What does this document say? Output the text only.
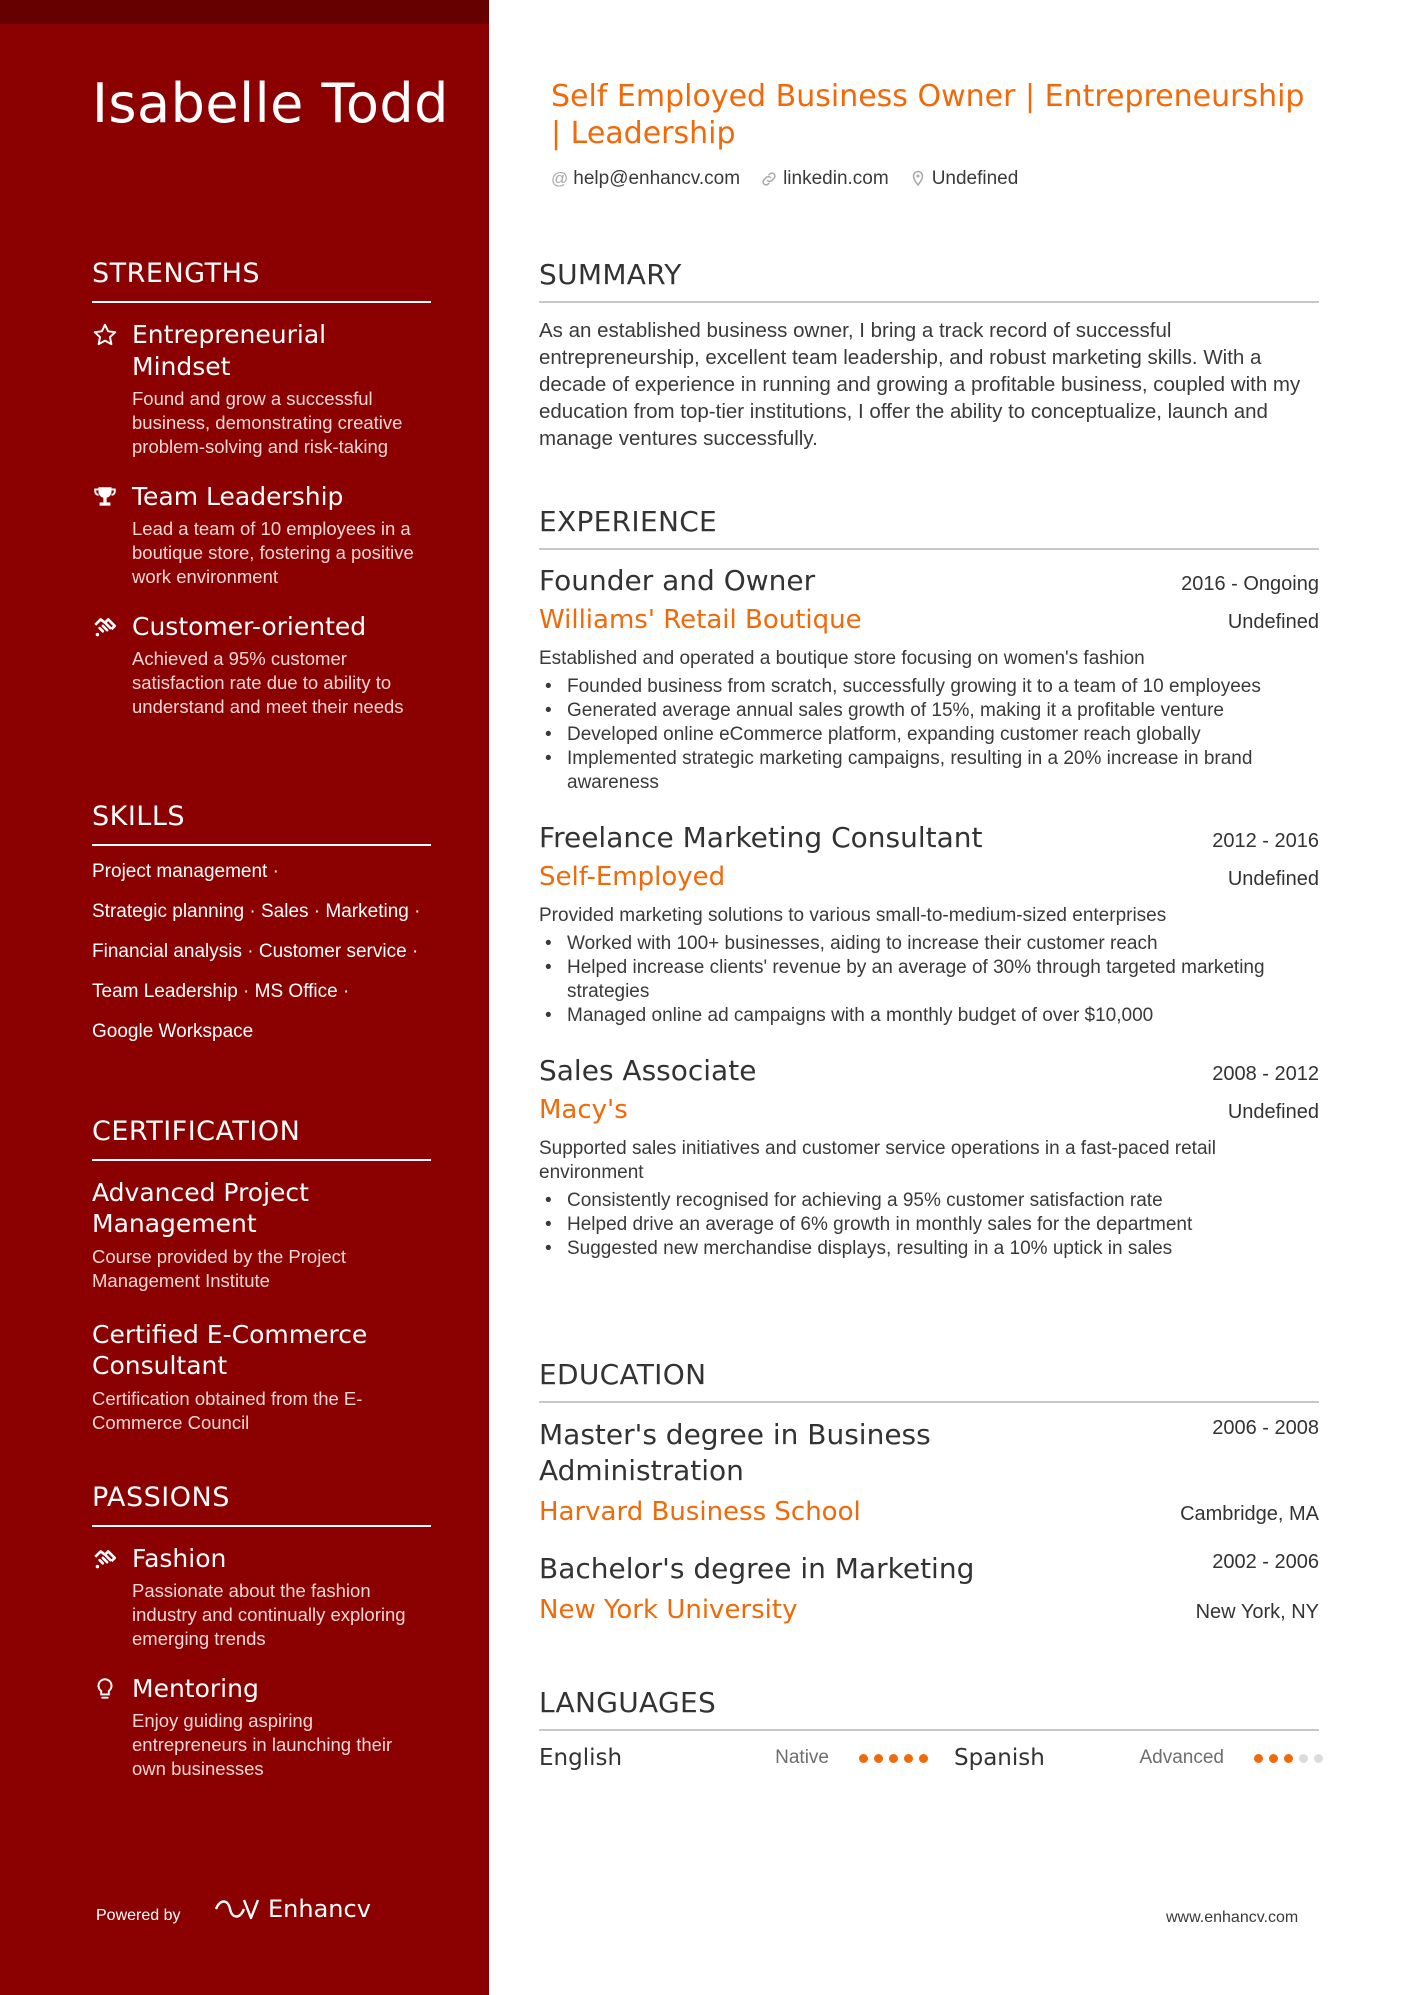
Isabelle Todd
STRENGTHS
Entrepreneurial Mindset
Found and grow a successful business, demonstrating creative problem-solving and risk-taking
Team Leadership
Lead a team of 10 employees in a boutique store, fostering a positive work environment
Customer-oriented
Achieved a 95% customer satisfaction rate due to ability to understand and meet their needs
SKILLS
Project management ·
Strategic planning · Sales · Marketing ·
Financial analysis · Customer service ·
Team Leadership · MS Office ·
Google Workspace
CERTIFICATION
Advanced Project Management
Course provided by the Project Management Institute
Certified E-Commerce Consultant
Certification obtained from the E-Commerce Council
PASSIONS
Fashion
Passionate about the fashion industry and continually exploring emerging trends
Mentoring
Enjoy guiding aspiring entrepreneurs in launching their own businesses
Powered by	Enhancv
Self Employed Business Owner | Entrepreneurship | Leadership
@ help@enhancv.com linkedin.com Undefined
SUMMARY
As an established business owner, I bring a track record of successful entrepreneurship, excellent team leadership, and robust marketing skills. With a decade of experience in running and growing a profitable business, coupled with my education from top-tier institutions, I offer the ability to conceptualize, launch and manage ventures successfully.
EXPERIENCE
Founder and Owner	2016 - Ongoing
Williams' Retail Boutique	Undefined
Established and operated a boutique store focusing on women's fashion
• Founded business from scratch, successfully growing it to a team of 10 employees
• Generated average annual sales growth of 15%, making it a profitable venture
• Developed online eCommerce platform, expanding customer reach globally
• Implemented strategic marketing campaigns, resulting in a 20% increase in brand awareness
Freelance Marketing Consultant	2012 - 2016
Self-Employed	Undefined
Provided marketing solutions to various small-to-medium-sized enterprises
• Worked with 100+ businesses, aiding to increase their customer reach
• Helped increase clients' revenue by an average of 30% through targeted marketing strategies
• Managed online ad campaigns with a monthly budget of over $10,000
Sales Associate	2008 - 2012
Macy's	Undefined
Supported sales initiatives and customer service operations in a fast-paced retail environment
• Consistently recognised for achieving a 95% customer satisfaction rate
• Helped drive an average of 6% growth in monthly sales for the department
• Suggested new merchandise displays, resulting in a 10% uptick in sales
EDUCATION
Master's degree in Business Administration
2006 - 2008
Harvard Business School	Cambridge, MA
Bachelor's degree in Marketing	2002 - 2006
New York University	New York, NY
LANGUAGES
English	Native	Spanish	Advanced
www.enhancv.com
